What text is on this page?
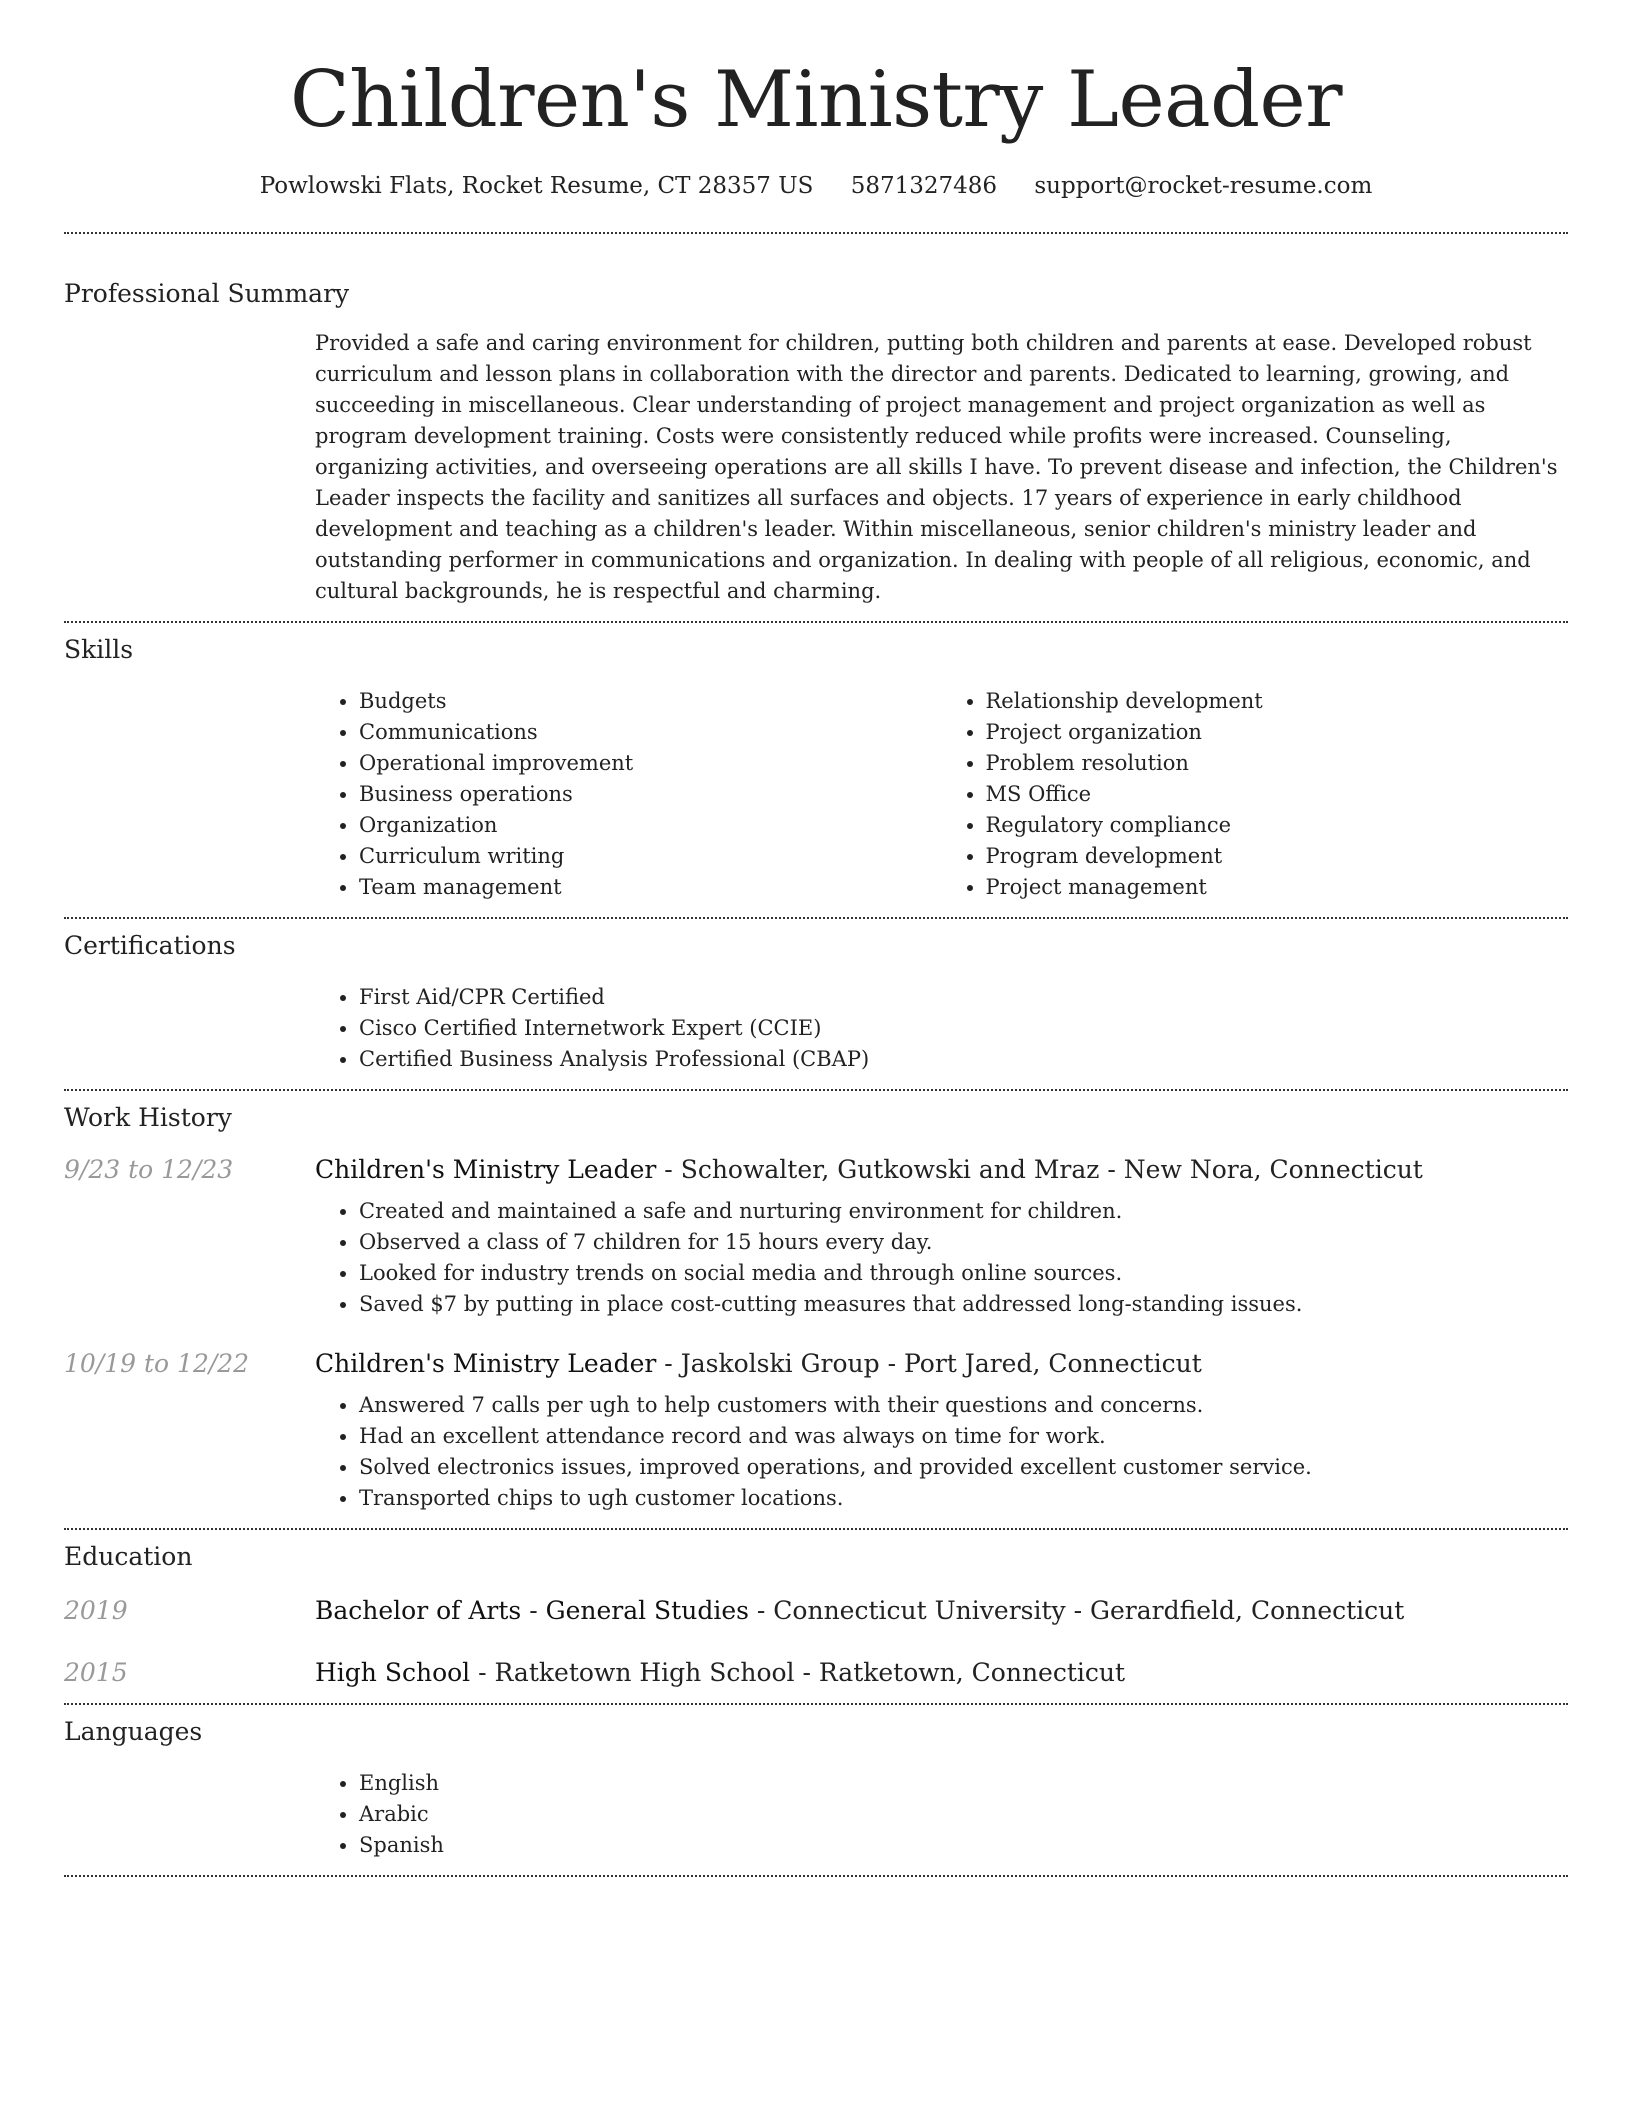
Children's Ministry Leader
Powlowski Flats, Rocket Resume, CT 28357 US 5871327486 support@rocket-resume.com
Professional Summary

Provided a safe and caring environment for children, putting both children and parents at ease. Developed robust curriculum and lesson plans in collaboration with the director and parents. Dedicated to learning, growing, and succeeding in miscellaneous. Clear understanding of project management and project organization as well as program development training. Costs were consistently reduced while profits were increased. Counseling, organizing activities, and overseeing operations are all skills I have. To prevent disease and infection, the Children's Leader inspects the facility and sanitizes all surfaces and objects. 17 years of experience in early childhood development and teaching as a children's leader. Within miscellaneous, senior children's ministry leader and outstanding performer in communications and organization. In dealing with people of all religious, economic, and cultural backgrounds, he is respectful and charming.

Skills
• Budgets
• Communications
• Operational improvement
• Business operations
• Organization
• Curriculum writing
• Team management
• Relationship development
• Project organization
• Problem resolution
• MS Office
• Regulatory compliance
• Program development
• Project management
Certifications
• First Aid/CPR Certified
• Cisco Certified Internetwork Expert (CCIE)
• Certified Business Analysis Professional (CBAP)
Work History
9/23 to 12/23	Children's Ministry Leader - Schowalter, Gutkowski and Mraz - New Nora, Connecticut
• Created and maintained a safe and nurturing environment for children.
• Observed a class of 7 children for 15 hours every day.
• Looked for industry trends on social media and through online sources.
• Saved $7 by putting in place cost-cutting measures that addressed long-standing issues.
10/19 to 12/22	Children's Ministry Leader - Jaskolski Group - Port Jared, Connecticut
• Answered 7 calls per ugh to help customers with their questions and concerns.
• Had an excellent attendance record and was always on time for work.
• Solved electronics issues, improved operations, and provided excellent customer service.
• Transported chips to ugh customer locations.
Education
2019	Bachelor of Arts - General Studies - Connecticut University - Gerardfield, Connecticut
2015	High School - Ratketown High School - Ratketown, Connecticut
Languages
• English
• Arabic
• Spanish
